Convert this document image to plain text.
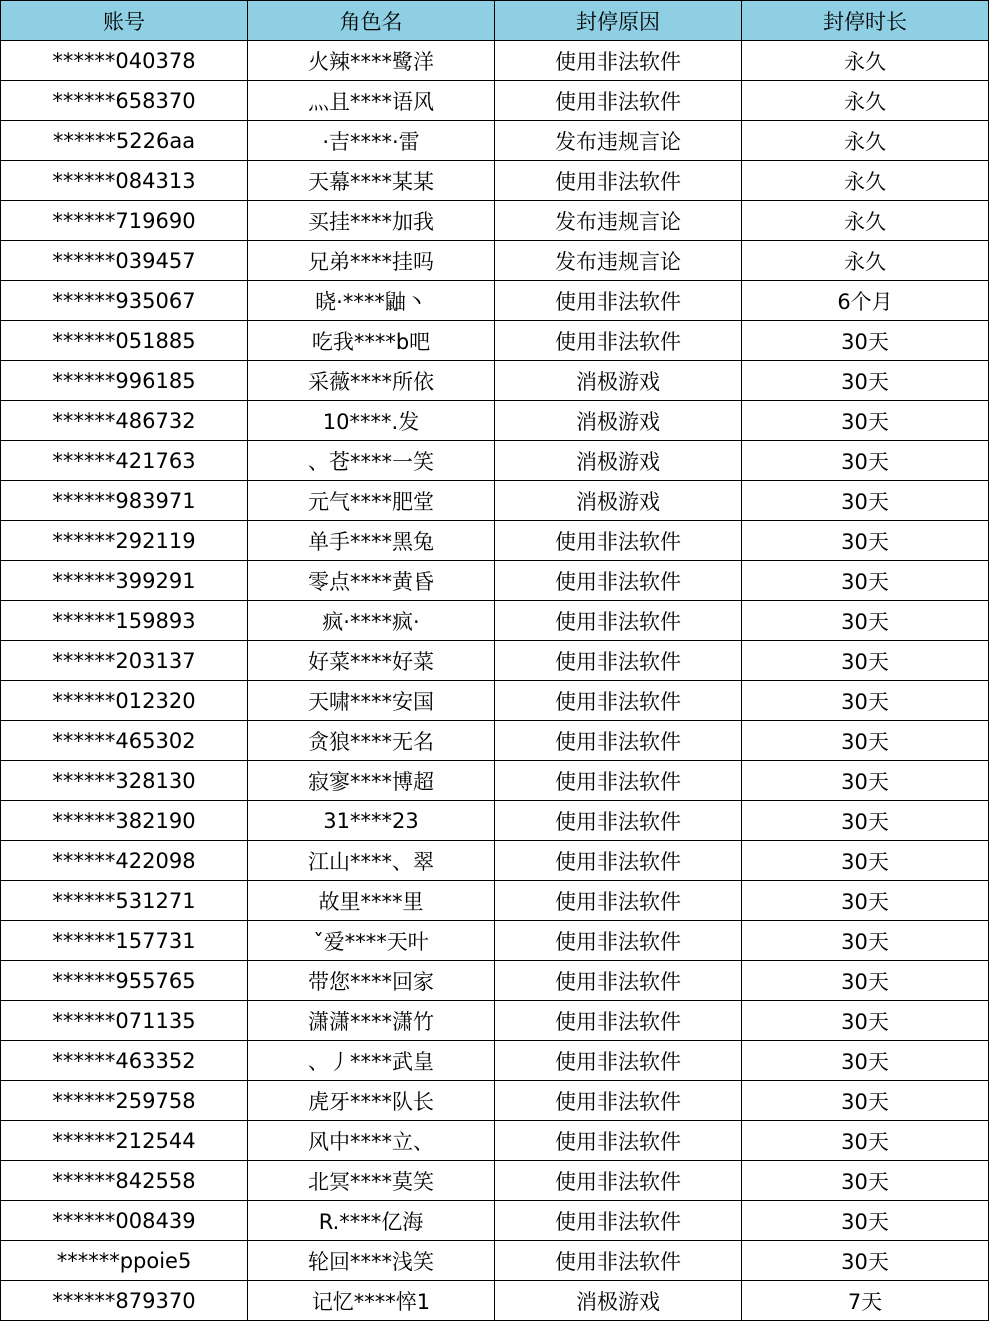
账号	角色名	封停原因	封停时长
******040378	火辣****鹭洋	使用非法软件	永久
******658370	灬且****语风	使用非法软件	永久
******5226aa	·吉****·雷	发布违规言论	永久
******084313	天幕****某某	使用非法软件	永久
******719690	买挂****加我	发布违规言论	永久
******039457	兄弟****挂吗	发布违规言论	永久
******935067	晓·****鼬丶	使用非法软件	6个月
******051885	吃我****b吧	使用非法软件	30天
******996185	采薇****所依	消极游戏	30天
******486732	10****.发	消极游戏	30天
******421763	、苍****一笑	消极游戏	30天
******983971	元气****肥堂	消极游戏	30天
******292119	单手****黑兔	使用非法软件	30天
******399291	零点****黄昏	使用非法软件	30天
******159893	疯·****疯·	使用非法软件	30天
******203137	好菜****好菜	使用非法软件	30天
******012320	天啸****安国	使用非法软件	30天
******465302	贪狼****无名	使用非法软件	30天
******328130	寂寥****博超	使用非法软件	30天
******382190	31****23	使用非法软件	30天
******422098	江山****、翠	使用非法软件	30天
******531271	故里****里	使用非法软件	30天
******157731	ˇ爱****天叶	使用非法软件	30天
******955765	带您****回家	使用非法软件	30天
******071135	潇潇****潇竹	使用非法软件	30天
******463352	、丿****武皇	使用非法软件	30天
******259758	虎牙****队长	使用非法软件	30天
******212544	风中****立、	使用非法软件	30天
******842558	北冥****莫笑	使用非法软件	30天
******008439	R.****亿海	使用非法软件	30天
******ppoie5	轮回****浅笑	使用非法软件	30天
******879370	记忆****悴1	消极游戏	7天
